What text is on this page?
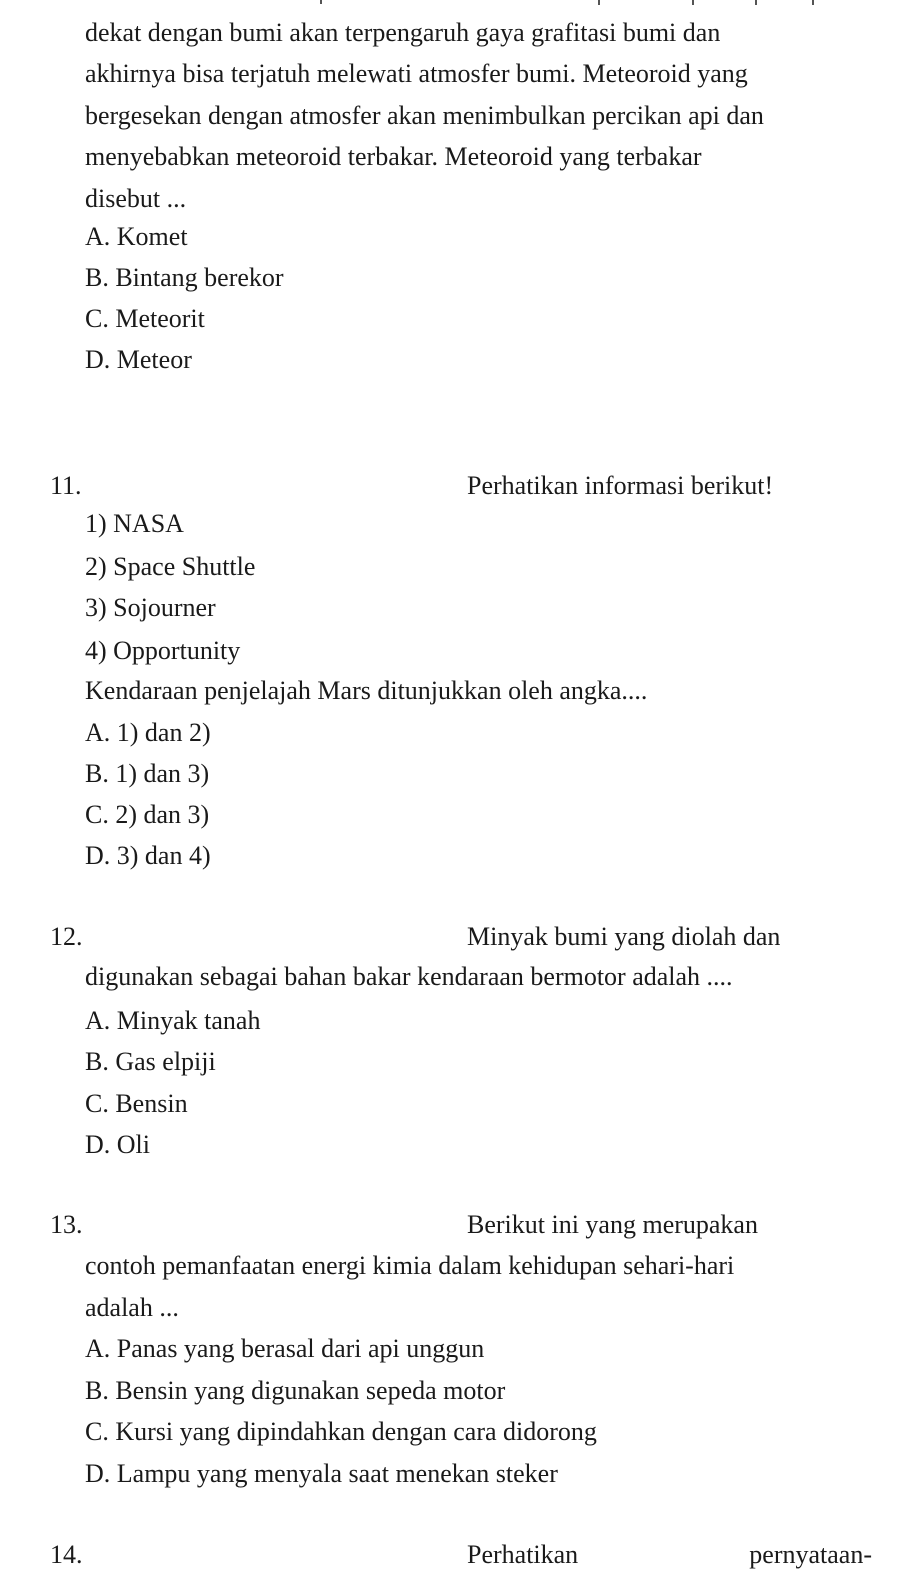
dekat dengan bumi akan terpengaruh gaya grafitasi bumi dan

akhirnya bisa terjatuh melewati atmosfer bumi. Meteoroid yang

bergesekan dengan atmosfer akan menimbulkan percikan api dan

menyebabkan meteoroid terbakar. Meteoroid yang terbakar

disebut ...

A. Komet

B. Bintang berekor

C. Meteorit

D. Meteor

11.	Perhatikan informasi berikut!

1) NASA

2) Space Shuttle

3) Sojourner

4) Opportunity

Kendaraan penjelajah Mars ditunjukkan oleh angka....

A. 1) dan 2)

B. 1) dan 3)

C. 2) dan 3)

D. 3) dan 4)

12.	Minyak bumi yang diolah dan

digunakan sebagai bahan bakar kendaraan bermotor adalah ....

A. Minyak tanah

B. Gas elpiji

C. Bensin

D. Oli

13.	Berikut ini yang merupakan

contoh pemanfaatan energi kimia dalam kehidupan sehari-hari

adalah ...

A. Panas yang berasal dari api unggun

B. Bensin yang digunakan sepeda motor

C. Kursi yang dipindahkan dengan cara didorong

D. Lampu yang menyala saat menekan steker

14.	Perhatikan	pernyataan-
